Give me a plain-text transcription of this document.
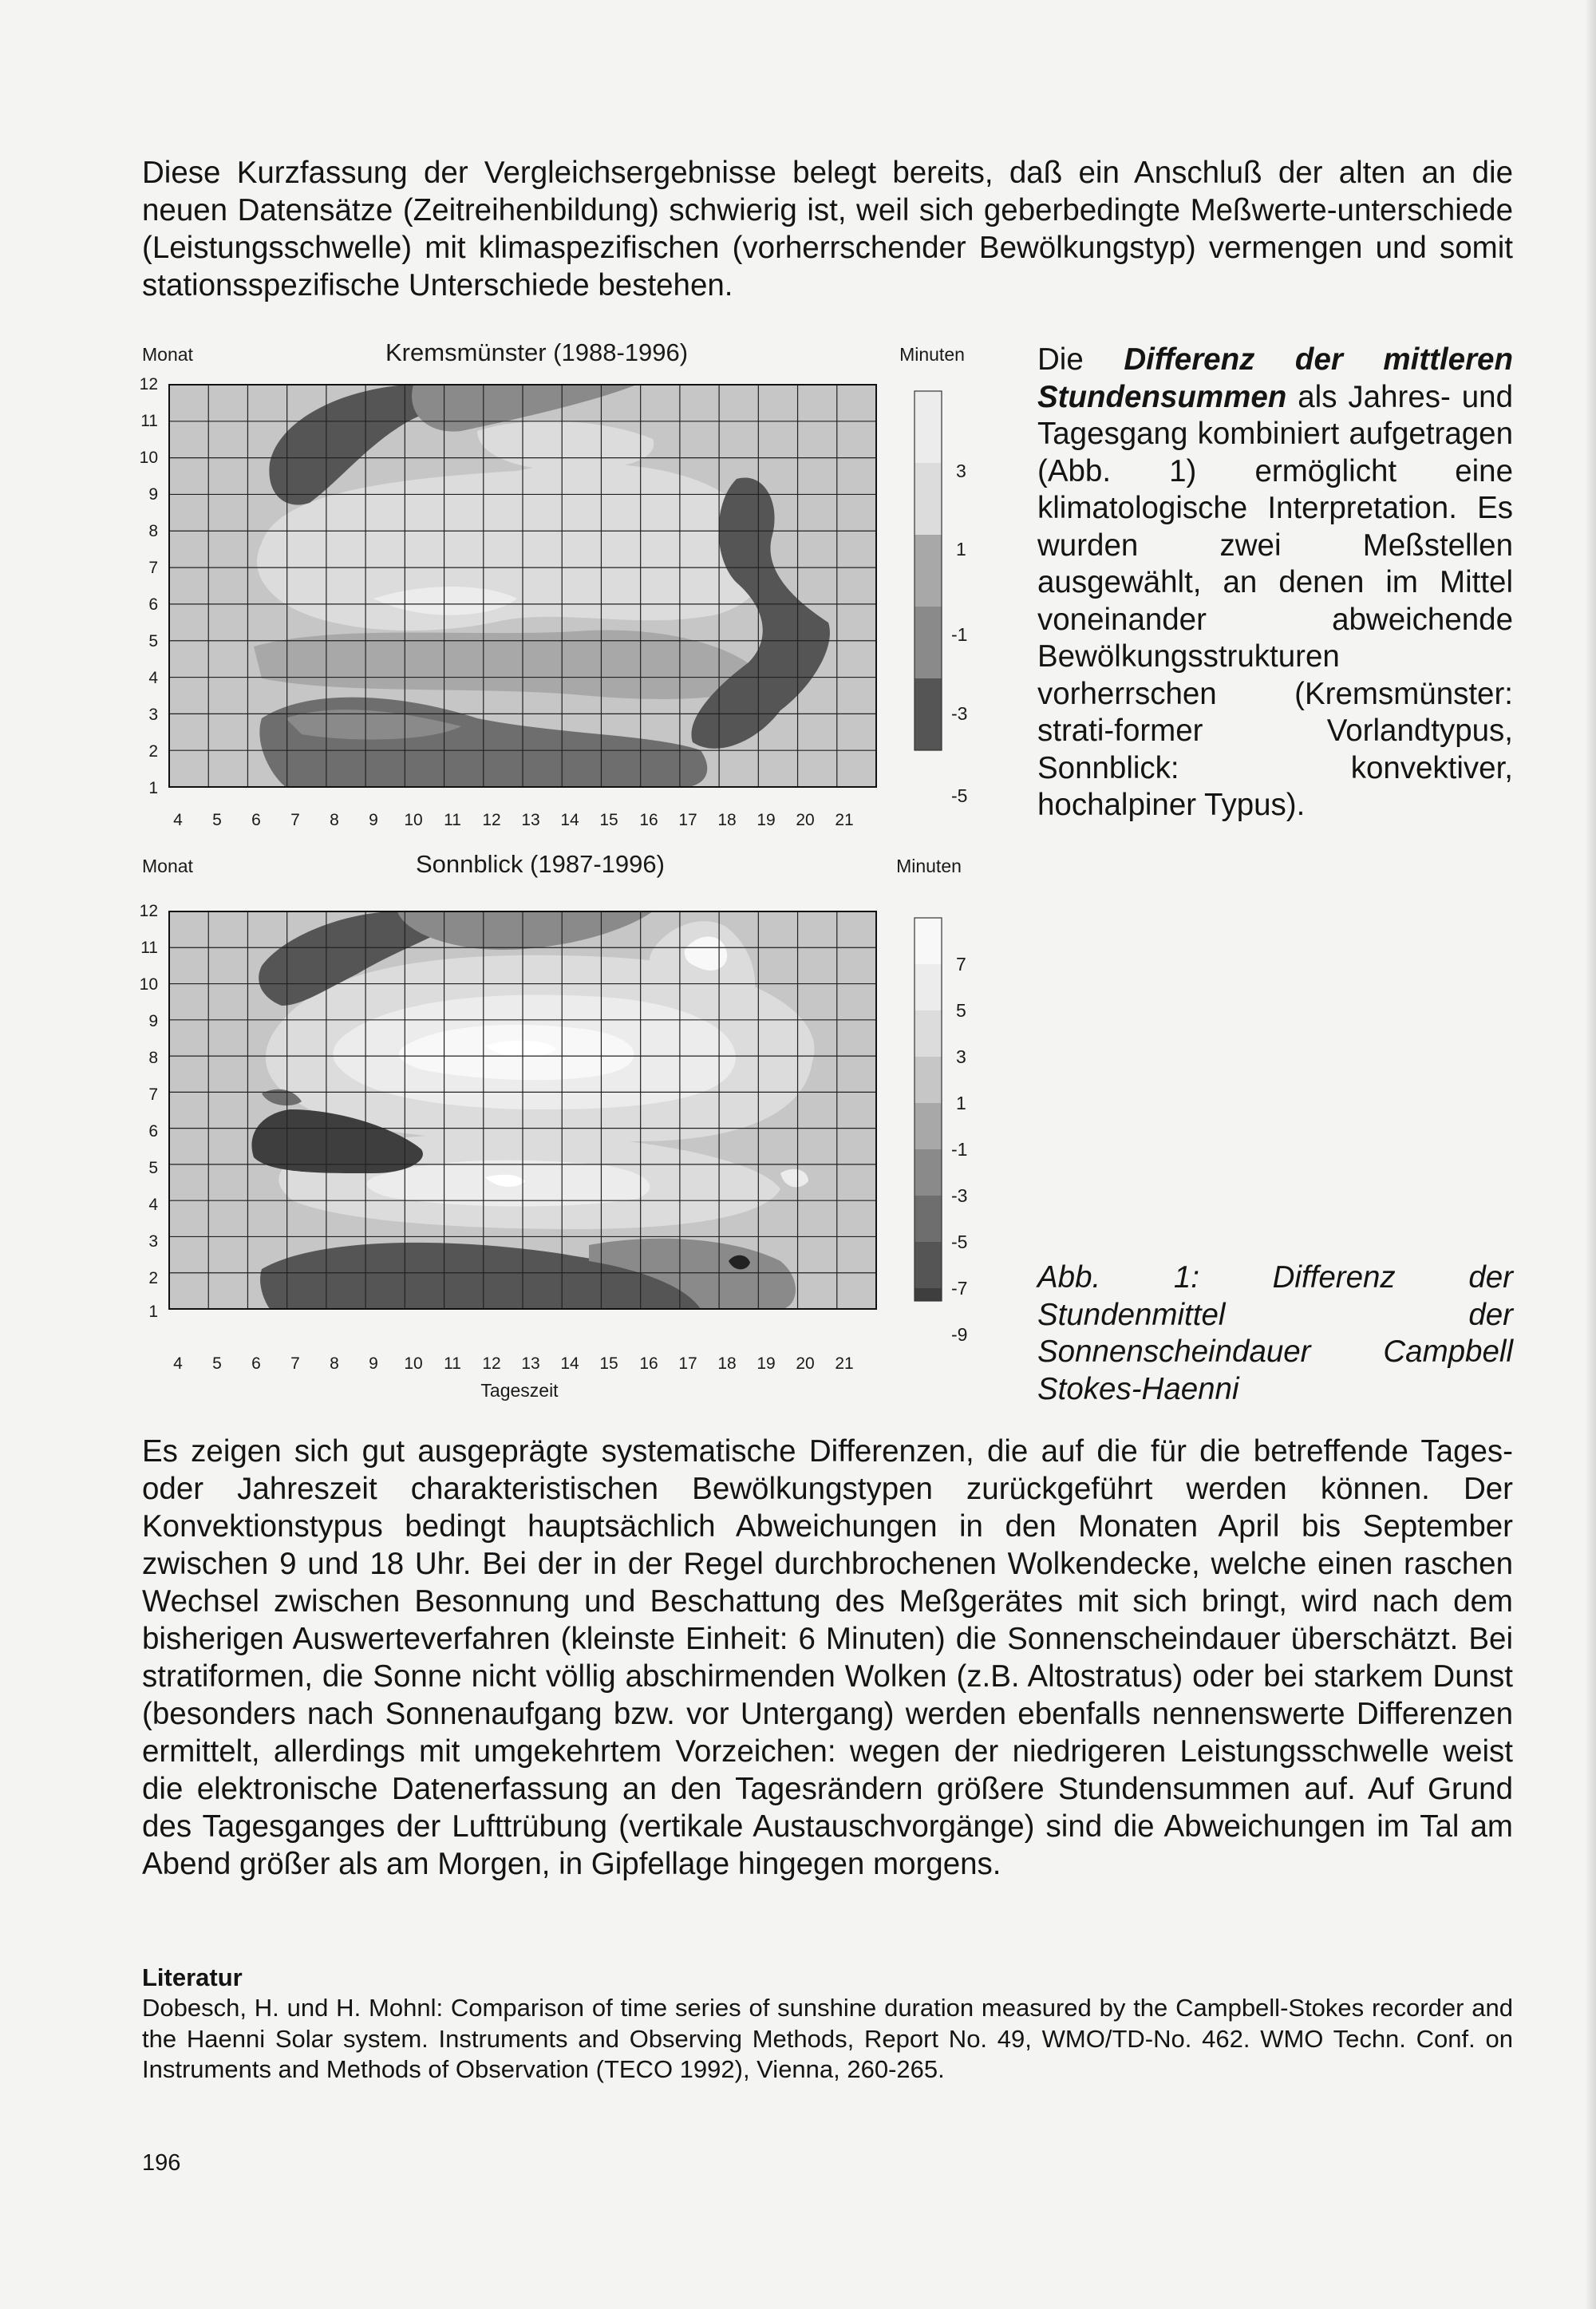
Diese Kurzfassung der Vergleichsergebnisse belegt bereits, daß ein Anschluß der alten an die neuen Datensätze (Zeitreihenbildung) schwierig ist, weil sich geberbedingte Meßwerte-unterschiede (Leistungsschwelle) mit klimaspezifischen (vorherrschender Bewölkungstyp) vermengen und somit stationsspezifische Unterschiede bestehen.
Monat	Kremsmünster (1988-1996)	Minuten
12
11
10
9
8
7
6
5
4
3
2
1
4 5 6 7 8 9 10 11 12 13 14 15 16 17 18 19 20 21
3
1
-1
-3
-5
Monat	Sonnblick (1987-1996)	Minuten
12
11
10
9
8
7
6
5
4
3
2
1
4 5 6 7 8 9 10 11 12 13 14 15 16 17 18 19 20 21
Tageszeit
7
5
3
1
-1
-3
-5
-7
-9
Die Differenz der mittleren Stundensummen als Jahres- und Tagesgang kombiniert aufgetragen (Abb. 1) ermöglicht eine klimatologische Interpretation. Es wurden zwei Meßstellen ausgewählt, an denen im Mittel voneinander abweichende Bewölkungsstrukturen vorherrschen (Kremsmünster: strati-former Vorlandtypus, Sonnblick: konvektiver, hochalpiner Typus).
Abb. 1: Differenz der Stundenmittel der Sonnenscheindauer Campbell Stokes-Haenni
Es zeigen sich gut ausgeprägte systematische Differenzen, die auf die für die betreffende Tages- oder Jahreszeit charakteristischen Bewölkungstypen zurückgeführt werden können. Der Konvektionstypus bedingt hauptsächlich Abweichungen in den Monaten April bis September zwischen 9 und 18 Uhr. Bei der in der Regel durchbrochenen Wolkendecke, welche einen raschen Wechsel zwischen Besonnung und Beschattung des Meßgerätes mit sich bringt, wird nach dem bisherigen Auswerteverfahren (kleinste Einheit: 6 Minuten) die Sonnenscheindauer überschätzt. Bei stratiformen, die Sonne nicht völlig abschirmenden Wolken (z.B. Altostratus) oder bei starkem Dunst (besonders nach Sonnenaufgang bzw. vor Untergang) werden ebenfalls nennenswerte Differenzen ermittelt, allerdings mit umgekehrtem Vorzeichen: wegen der niedrigeren Leistungsschwelle weist die elektronische Datenerfassung an den Tagesrändern größere Stundensummen auf. Auf Grund des Tagesganges der Lufttrübung (vertikale Austauschvorgänge) sind die Abweichungen im Tal am Abend größer als am Morgen, in Gipfellage hingegen morgens.
Literatur
Dobesch, H. und H. Mohnl: Comparison of time series of sunshine duration measured by the Campbell-Stokes recorder and the Haenni Solar system. Instruments and Observing Methods, Report No. 49, WMO/TD-No. 462. WMO Techn. Conf. on Instruments and Methods of Observation (TECO 1992), Vienna, 260-265.
196
